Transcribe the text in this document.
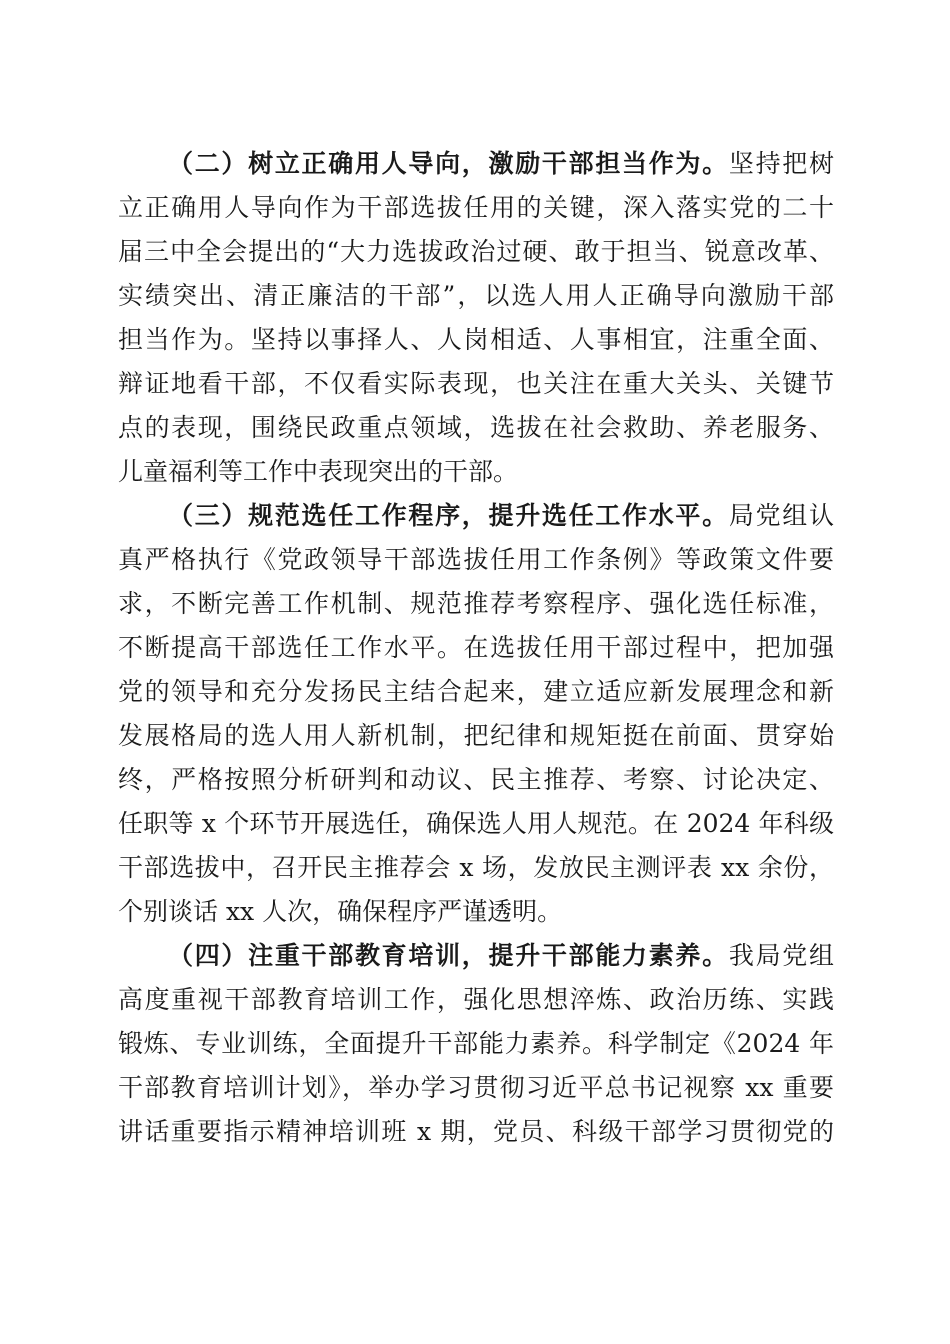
（二）树立正确用人导向，激励干部担当作为。坚持把树
立正确用人导向作为干部选拔任用的关键，深入落实党的二十
届三中全会提出的“大力选拔政治过硬、敢于担当、锐意改革、
实绩突出、清正廉洁的干部”，以选人用人正确导向激励干部
担当作为。坚持以事择人、人岗相适、人事相宜，注重全面、
辩证地看干部，不仅看实际表现，也关注在重大关头、关键节
点的表现，围绕民政重点领域，选拔在社会救助、养老服务、
儿童福利等工作中表现突出的干部。
（三）规范选任工作程序，提升选任工作水平。局党组认
真严格执行《党政领导干部选拔任用工作条例》等政策文件要
求，不断完善工作机制、规范推荐考察程序、强化选任标准，
不断提高干部选任工作水平。在选拔任用干部过程中，把加强
党的领导和充分发扬民主结合起来，建立适应新发展理念和新
发展格局的选人用人新机制，把纪律和规矩挺在前面、贯穿始
终，严格按照分析研判和动议、民主推荐、考察、讨论决定、
任职等 x 个环节开展选任，确保选人用人规范。在 2024 年科级
干部选拔中，召开民主推荐会 x 场，发放民主测评表 xx 余份，
个别谈话 xx 人次，确保程序严谨透明。
（四）注重干部教育培训，提升干部能力素养。我局党组
高度重视干部教育培训工作，强化思想淬炼、政治历练、实践
锻炼、专业训练，全面提升干部能力素养。科学制定《2024 年
干部教育培训计划》，举办学习贯彻习近平总书记视察 xx 重要
讲话重要指示精神培训班 x 期，党员、科级干部学习贯彻党的
